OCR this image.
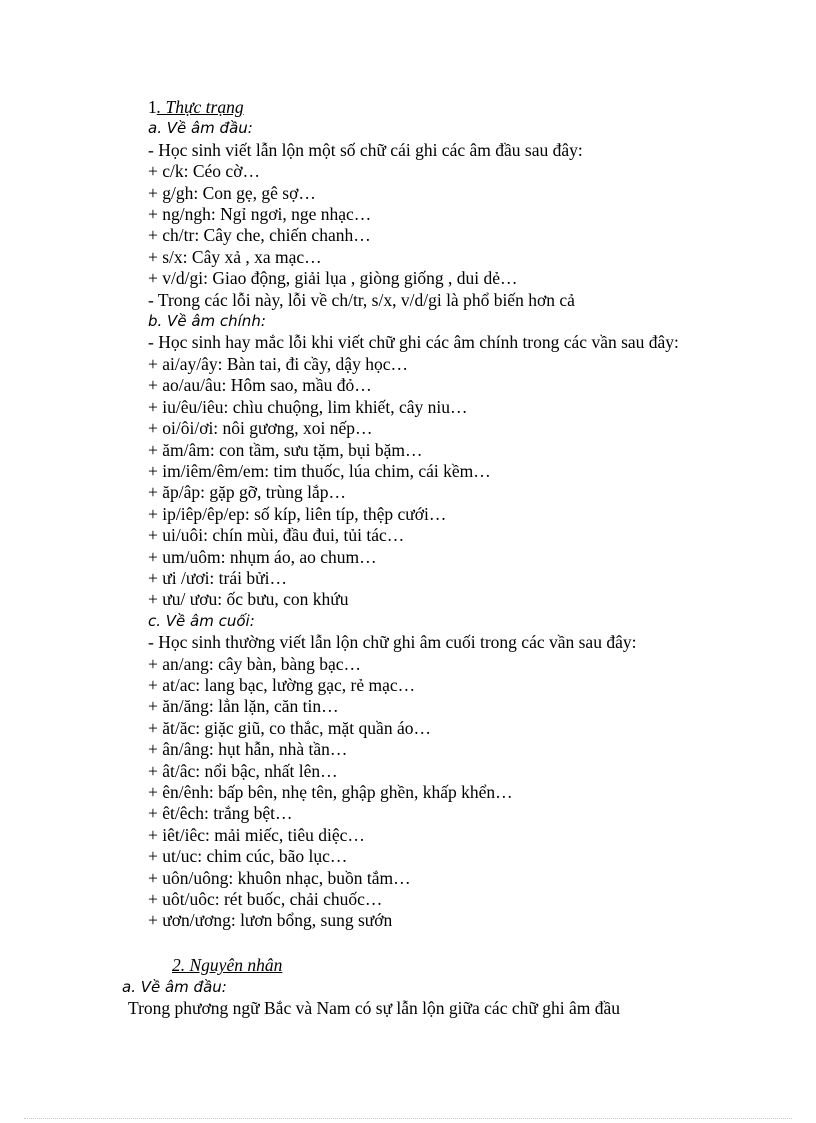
1. Thực trạng
a. Về âm đầu:
- Học sinh viết lẫn lộn một số chữ cái ghi các âm đầu sau đây:
+ c/k: Céo cờ…
+ g/gh: Con gẹ, gê sợ…
+ ng/ngh: Ngỉ ngơi, nge nhạc…
+ ch/tr: Cây che, chiến chanh…
+ s/x: Cây xả , xa mạc…
+ v/d/gi: Giao động, giải lụa , giòng giống , dui dẻ…
- Trong các lỗi này, lỗi về ch/tr, s/x, v/d/gi là phổ biến hơn cả
b. Về âm chính:
- Học sinh hay mắc lỗi khi viết chữ ghi các âm chính trong các vần sau đây:
+ ai/ay/ây: Bàn tai, đi cầy, dậy học…
+ ao/au/âu: Hôm sao, mầu đỏ…
+ iu/êu/iêu: chìu chuộng, lim khiết, cây niu…
+ oi/ôi/ơi: nôi gương, xoi nếp…
+ ăm/âm: con tầm, sưu tặm, bụi bặm…
+ im/iêm/êm/em: tim thuốc, lúa chim, cái kềm…
+ ăp/âp: gặp gỡ, trùng lắp…
+ ip/iêp/êp/ep: số kíp, liên típ, thệp cưới…
+ ui/uôi: chín mùi, đầu đui, tủi tác…
+ um/uôm: nhụm áo, ao chum…
+ ưi /ươi: trái bửi…
+ ưu/ ươu: ốc bưu, con khứu
c. Về âm cuối:
- Học sinh thường viết lẫn lộn chữ ghi âm cuối trong các vần sau đây:
+ an/ang: cây bàn, bàng bạc…
+ at/ac: lang bạc, lường gạc, rẻ mạc…
+ ăn/ăng: lẳn lặn, căn tin…
+ ăt/ăc: giặc giũ, co thắc, mặt quần áo…
+ ân/âng: hụt hẫn, nhà tần…
+ ât/âc: nổi bậc, nhất lên…
+ ên/ênh: bấp bên, nhẹ tên, ghập ghền, khấp khển…
+ êt/êch: trắng bệt…
+ iêt/iêc: mải miếc, tiêu diệc…
+ ut/uc: chim cúc, bão lục…
+ uôn/uông: khuôn nhạc, buồn tắm…
+ uôt/uôc: rét buốc, chải chuốc…
+ ươn/ương: lươn bổng, sung sướn
2. Nguyên nhân
a. Về âm đầu:
Trong phương ngữ Bắc và Nam có sự lẫn lộn giữa các chữ ghi âm đầu
